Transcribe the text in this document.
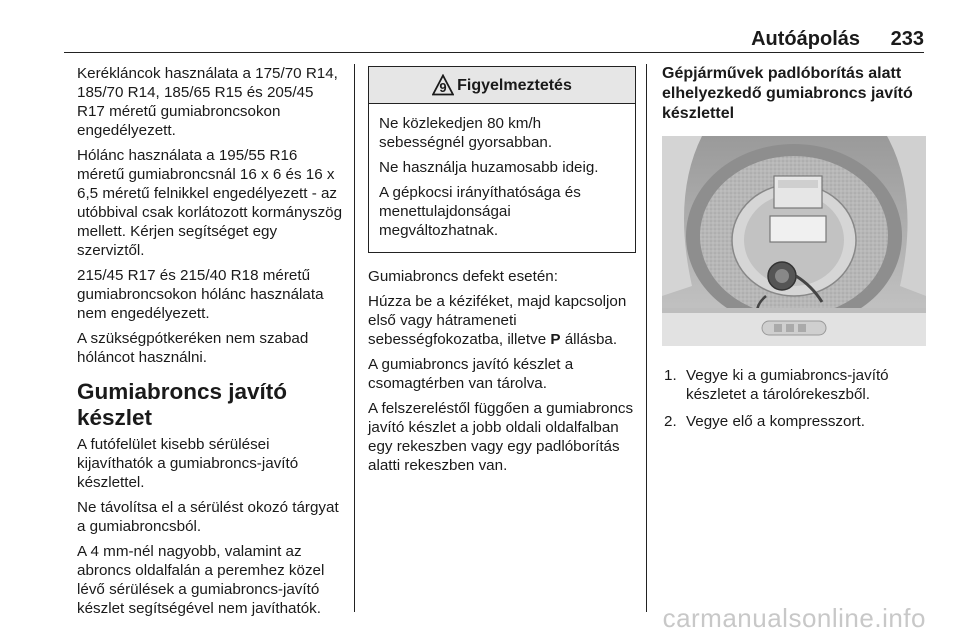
Autóápolás 233

Kerékláncok használata a 175/70 R14, 185/70 R14, 185/65 R15 és 205/45 R17 méretű gumiabroncsokon engedélyezett.

Hólánc használata a 195/55 R16 méretű gumiabroncsnál 16 x 6 és 16 x 6,5 méretű felnikkel engedélyezett - az utóbbival csak korlátozott kormányszög mellett. Kérjen segítséget egy szerviztől.

215/45 R17 és 215/40 R18 méretű gumiabroncsokon hólánc használata nem engedélyezett.

A szükségpótkeréken nem szabad hóláncot használni.

Gumiabroncs javító készlet

A futófelület kisebb sérülései kijavíthatók a gumiabroncs-javító készlettel.

Ne távolítsa el a sérülést okozó tárgyat a gumiabroncsból.

A 4 mm-nél nagyobb, valamint az abroncs oldalfalán a peremhez közel lévő sérülések a gumiabroncs-javító készlet segítségével nem javíthatók.

9 Figyelmeztetés

Ne közlekedjen 80 km/h sebességnél gyorsabban.

Ne használja huzamosabb ideig.

A gépkocsi irányíthatósága és menettulajdonságai megváltozhatnak.

Gumiabroncs defekt esetén:

Húzza be a kéziféket, majd kapcsoljon első vagy hátrameneti sebességfokozatba, illetve P állásba.

A gumiabroncs javító készlet a csomagtérben van tárolva.

A felszereléstől függően a gumiabroncs javító készlet a jobb oldali oldalfalban egy rekeszben vagy egy padlóborítás alatti rekeszben van.

Gépjárművek padlóborítás alatt elhelyezkedő gumiabroncs javító készlettel
1. Vegye ki a gumiabroncs-javító készletet a tárolórekeszből.
2. Vegye elő a kompresszort.
carmanualsonline.info
